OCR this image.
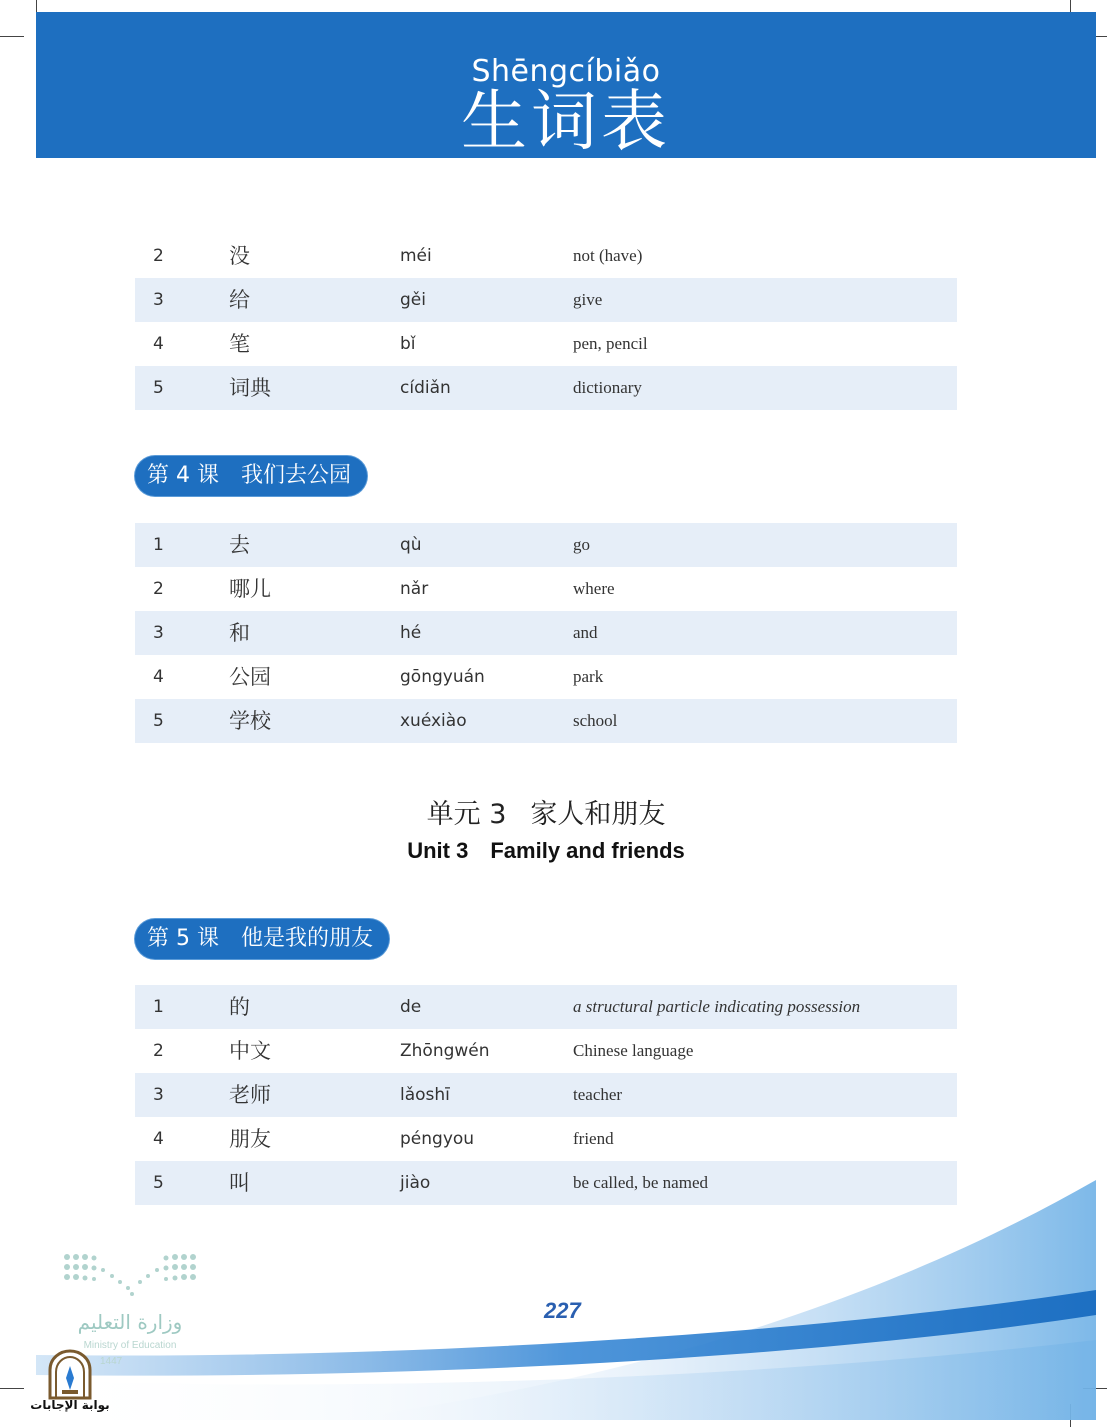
Shēngcíbiǎo
生词表
2	没	méi	not (have)
3	给	gěi	give
4	笔	bǐ	pen, pencil
5	词典	cídiǎn	dictionary
第 4 课 我们去公园
1	去	qù	go
2	哪儿	nǎr	where
3	和	hé	and
4	公园	gōngyuán	park
5	学校	xuéxiào	school
单元 3 家人和朋友
Unit 3 Family and friends
第 5 课 他是我的朋友
1	的	de	a structural particle indicating possession
2	中文	Zhōngwén	Chinese language
3	老师	lǎoshī	teacher
4	朋友	péngyou	friend
5	叫	jiào	be called, be named
227
وزارة التعليم
Ministry of Education
1447
بوابة الإجابات
